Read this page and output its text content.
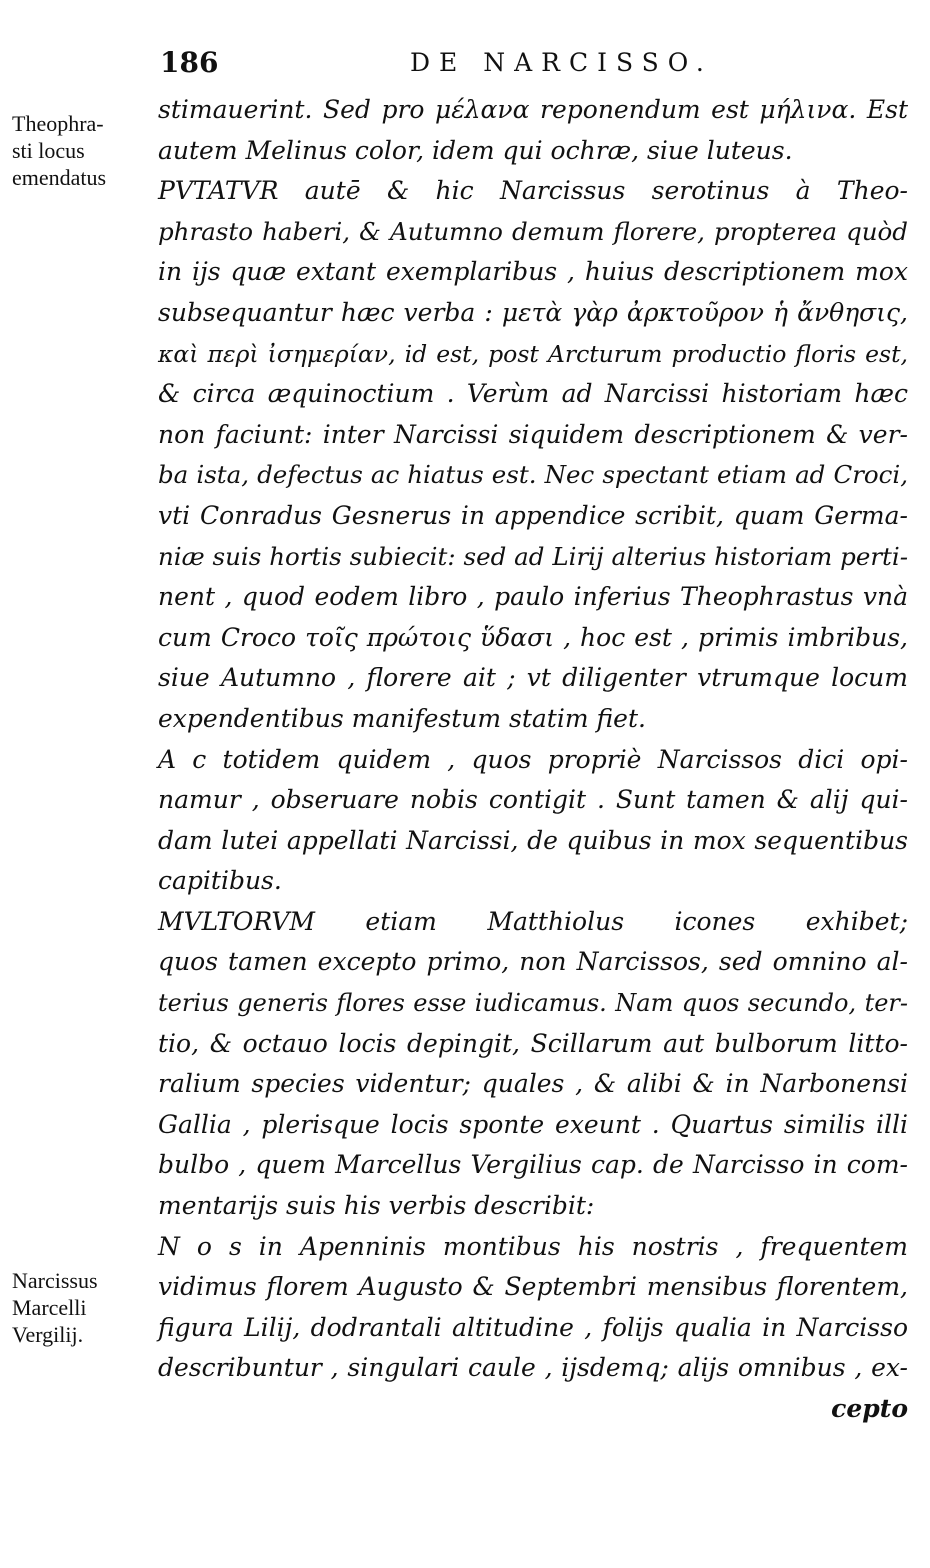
186	DE NARCISSO.
Theophra-
sti locus
emendatus
Narcissus
Marcelli
Vergilij.
stimauerint. Sed pro μέλανα reponendum est μήλινα. Est
autem Melinus color, idem qui ochræ, siue luteus.
PVTATVR autē & hic Narcissus serotinus à Theo-
phrasto haberi, & Autumno demum florere, propterea quòd
in ijs quæ extant exemplaribus , huius descriptionem mox
subsequantur hæc verba : μετὰ γὰρ ἀρκτοῦρον ἡ ἄνθησις,
καὶ περὶ ἰσημερίαν, id est, post Arcturum productio floris est,
& circa æquinoctium . Verùm ad Narcissi historiam hæc
non faciunt: inter Narcissi siquidem descriptionem & ver-
ba ista, defectus ac hiatus est. Nec spectant etiam ad Croci,
vti Conradus Gesnerus in appendice scribit, quam Germa-
niæ suis hortis subiecit: sed ad Lirij alterius historiam perti-
nent , quod eodem libro , paulo inferius Theophrastus vnà
cum Croco τοῖς πρώτοις ὕδασι , hoc est , primis imbribus,
siue Autumno , florere ait ; vt diligenter vtrumque locum
expendentibus manifestum statim fiet.
A c totidem quidem , quos propriè Narcissos dici opi-
namur , obseruare nobis contigit . Sunt tamen & alij qui-
dam lutei appellati Narcissi, de quibus in mox sequentibus
capitibus.
MVLTORVM etiam Matthiolus icones exhibet;
quos tamen excepto primo, non Narcissos, sed omnino al-
terius generis flores esse iudicamus. Nam quos secundo, ter-
tio, & octauo locis depingit, Scillarum aut bulborum litto-
ralium species videntur; quales , & alibi & in Narbonensi
Gallia , plerisque locis sponte exeunt . Quartus similis illi
bulbo , quem Marcellus Vergilius cap. de Narcisso in com-
mentarijs suis his verbis describit:
N o s in Apenninis montibus his nostris , frequentem
vidimus florem Augusto & Septembri mensibus florentem,
figura Lilij, dodrantali altitudine , folijs qualia in Narcisso
describuntur , singulari caule , ijsdemq; alijs omnibus , ex-
cepto
